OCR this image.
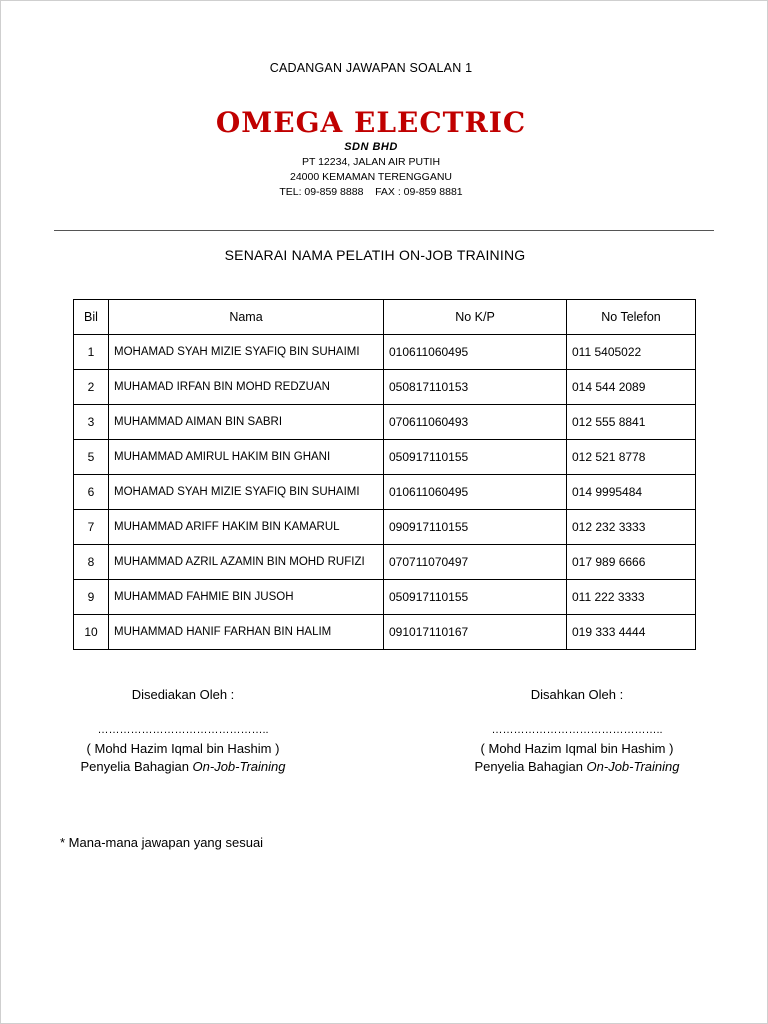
CADANGAN JAWAPAN SOALAN 1
OMEGA ELECTRIC
SDN BHD
PT 12234, JALAN AIR PUTIH
24000 KEMAMAN TERENGGANU
TEL: 09-859 8888    FAX : 09-859 8881
SENARAI NAMA PELATIH ON-JOB TRAINING
Bil	Nama	No K/P	No Telefon
1	MOHAMAD SYAH MIZIE SYAFIQ BIN SUHAIMI	010611060495	011 5405022
2	MUHAMAD IRFAN BIN MOHD REDZUAN	050817110153	014 544 2089
3	MUHAMMAD AIMAN BIN SABRI	070611060493	012 555 8841
5	MUHAMMAD AMIRUL HAKIM BIN GHANI	050917110155	012 521 8778
6	MOHAMAD SYAH MIZIE SYAFIQ BIN SUHAIMI	010611060495	014 9995484
7	MUHAMMAD ARIFF HAKIM BIN KAMARUL	090917110155	012 232 3333
8	MUHAMMAD AZRIL AZAMIN BIN MOHD RUFIZI	070711070497	017 989 6666
9	MUHAMMAD FAHMIE BIN JUSOH	050917110155	011 222 3333
10	MUHAMMAD HANIF FARHAN BIN HALIM	091017110167	019 333 4444
Disediakan Oleh :
………………………………………..
( Mohd Hazim Iqmal bin Hashim )
Penyelia Bahagian On-Job-Training
Disahkan Oleh :
………………………………………..
( Mohd Hazim Iqmal bin Hashim )
Penyelia Bahagian On-Job-Training
* Mana-mana jawapan yang sesuai
